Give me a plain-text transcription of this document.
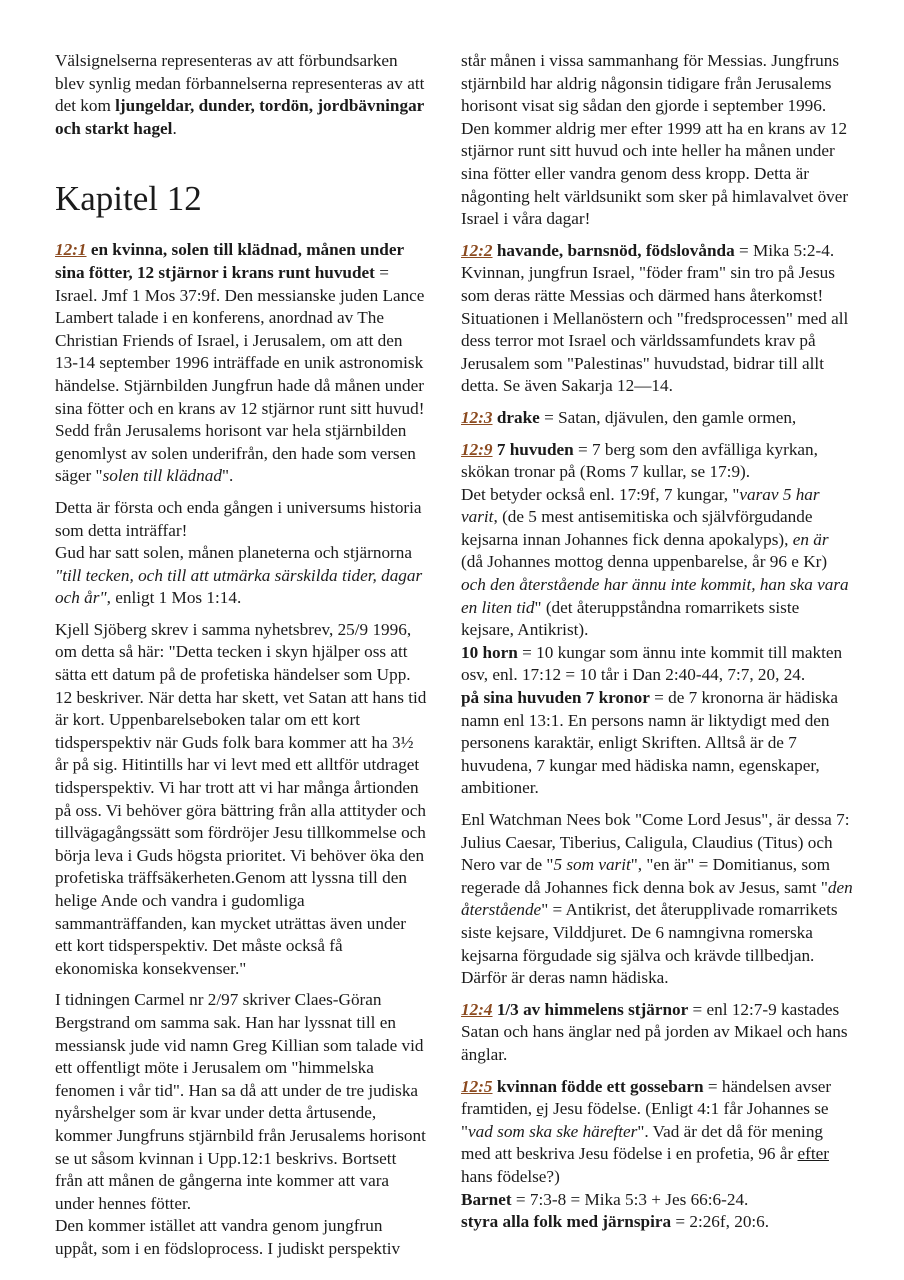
Välsignelserna representeras av att förbundsarken blev synlig medan förbannelserna representeras av att det kom ljungeldar, dunder, tordön, jordbävningar och starkt hagel.

Kapitel 12

12:1 en kvinna, solen till klädnad, månen under sina fötter, 12 stjärnor i krans runt huvudet = Israel. Jmf 1 Mos 37:9f. Den messianske juden Lance Lambert talade i en konferens, anordnad av The Christian Friends of Israel, i Jerusalem, om att den 13-14 september 1996 inträffade en unik astronomisk händelse. Stjärnbilden Jungfrun hade då månen under sina fötter och en krans av 12 stjärnor runt sitt huvud! Sedd från Jerusalems horisont var hela stjärnbilden genomlyst av solen underifrån, den hade som versen säger "solen till klädnad".

Detta är första och enda gången i universums historia som detta inträffar!
Gud har satt solen, månen planeterna och stjärnorna "till tecken, och till att utmärka särskilda tider, dagar och år", enligt 1 Mos 1:14.

Kjell Sjöberg skrev i samma nyhetsbrev, 25/9 1996, om detta så här: "Detta tecken i skyn hjälper oss att sätta ett datum på de profetiska händelser som Upp. 12 beskriver. När detta har skett, vet Satan att hans tid är kort. Uppenbarelseboken talar om ett kort tidsperspektiv när Guds folk bara kommer att ha 3½ år på sig. Hitintills har vi levt med ett alltför utdraget tidsperspektiv. Vi har trott att vi har många årtionden på oss. Vi behöver göra bättring från alla attityder och tillvägagångssätt som fördröjer Jesu tillkommelse och börja leva i Guds högsta prioritet. Vi behöver öka den profetiska träffsäkerheten.Genom att lyssna till den helige Ande och vandra i gudomliga sammanträffanden, kan mycket uträttas även under ett kort tidsperspektiv. Det måste också få ekonomiska konsekvenser."

I tidningen Carmel nr 2/97 skriver Claes-Göran Bergstrand om samma sak. Han har lyssnat till en messiansk jude vid namn Greg Killian som talade vid ett offentligt möte i Jerusalem om "himmelska fenomen i vår tid". Han sa då att under de tre judiska nyårshelger som är kvar under detta årtusende, kommer Jungfruns stjärnbild från Jerusalems horisont se ut såsom kvinnan i Upp.12:1 beskrivs. Bortsett från att månen de gångerna inte kommer att vara under hennes fötter.
Den kommer istället att vandra genom jungfrun uppåt, som i en födsloprocess. I judiskt perspektiv

står månen i vissa sammanhang för Messias. Jungfruns stjärnbild har aldrig någonsin tidigare från Jerusalems horisont visat sig sådan den gjorde i september 1996. Den kommer aldrig mer efter 1999 att ha en krans av 12 stjärnor runt sitt huvud och inte heller ha månen under sina fötter eller vandra genom dess kropp. Detta är någonting helt världsunikt som sker på himlavalvet över Israel i våra dagar!

12:2 havande, barnsnöd, födslovånda = Mika 5:2-4. Kvinnan, jungfrun Israel, "föder fram" sin tro på Jesus som deras rätte Messias och därmed hans återkomst! Situationen i Mellanöstern och "fredsprocessen" med all dess terror mot Israel och världssamfundets krav på Jerusalem som "Palestinas" huvudstad, bidrar till allt detta. Se även Sakarja 12—14.

12:3 drake = Satan, djävulen, den gamle ormen,

12:9 7 huvuden = 7 berg som den avfälliga kyrkan, skökan tronar på (Roms 7 kullar, se 17:9).
Det betyder också enl. 17:9f, 7 kungar, "varav 5 har varit, (de 5 mest antisemitiska och självförgudande kejsarna innan Johannes fick denna apokalyps), en är (då Johannes mottog denna uppenbarelse, år 96 e Kr) och den återstående har ännu inte kommit, han ska vara en liten tid" (det återuppståndna romarrikets siste kejsare, Antikrist).
10 horn = 10 kungar som ännu inte kommit till makten osv, enl. 17:12 = 10 tår i Dan 2:40-44, 7:7, 20, 24.
på sina huvuden 7 kronor = de 7 kronorna är hädiska namn enl 13:1. En persons namn är liktydigt med den personens karaktär, enligt Skriften. Alltså är de 7 huvudena, 7 kungar med hädiska namn, egenskaper, ambitioner.

Enl Watchman Nees bok "Come Lord Jesus", är dessa 7: Julius Caesar, Tiberius, Caligula, Claudius (Titus) och Nero var de "5 som varit", "en är" = Domitianus, som regerade då Johannes fick denna bok av Jesus, samt "den återstående" = Antikrist, det återupplivade romarrikets siste kejsare, Vilddjuret. De 6 namngivna romerska kejsarna förgudade sig själva och krävde tillbedjan. Därför är deras namn hädiska.

12:4 1/3 av himmelens stjärnor = enl 12:7-9 kastades Satan och hans änglar ned på jorden av Mikael och hans änglar.

12:5 kvinnan födde ett gossebarn = händelsen avser framtiden, ej Jesu födelse. (Enligt 4:1 får Johannes se "vad som ska ske härefter". Vad är det då för mening med att beskriva Jesu födelse i en profetia, 96 år efter hans födelse?)
Barnet = 7:3-8 = Mika 5:3 + Jes 66:6-24.
styra alla folk med järnspira = 2:26f, 20:6.
